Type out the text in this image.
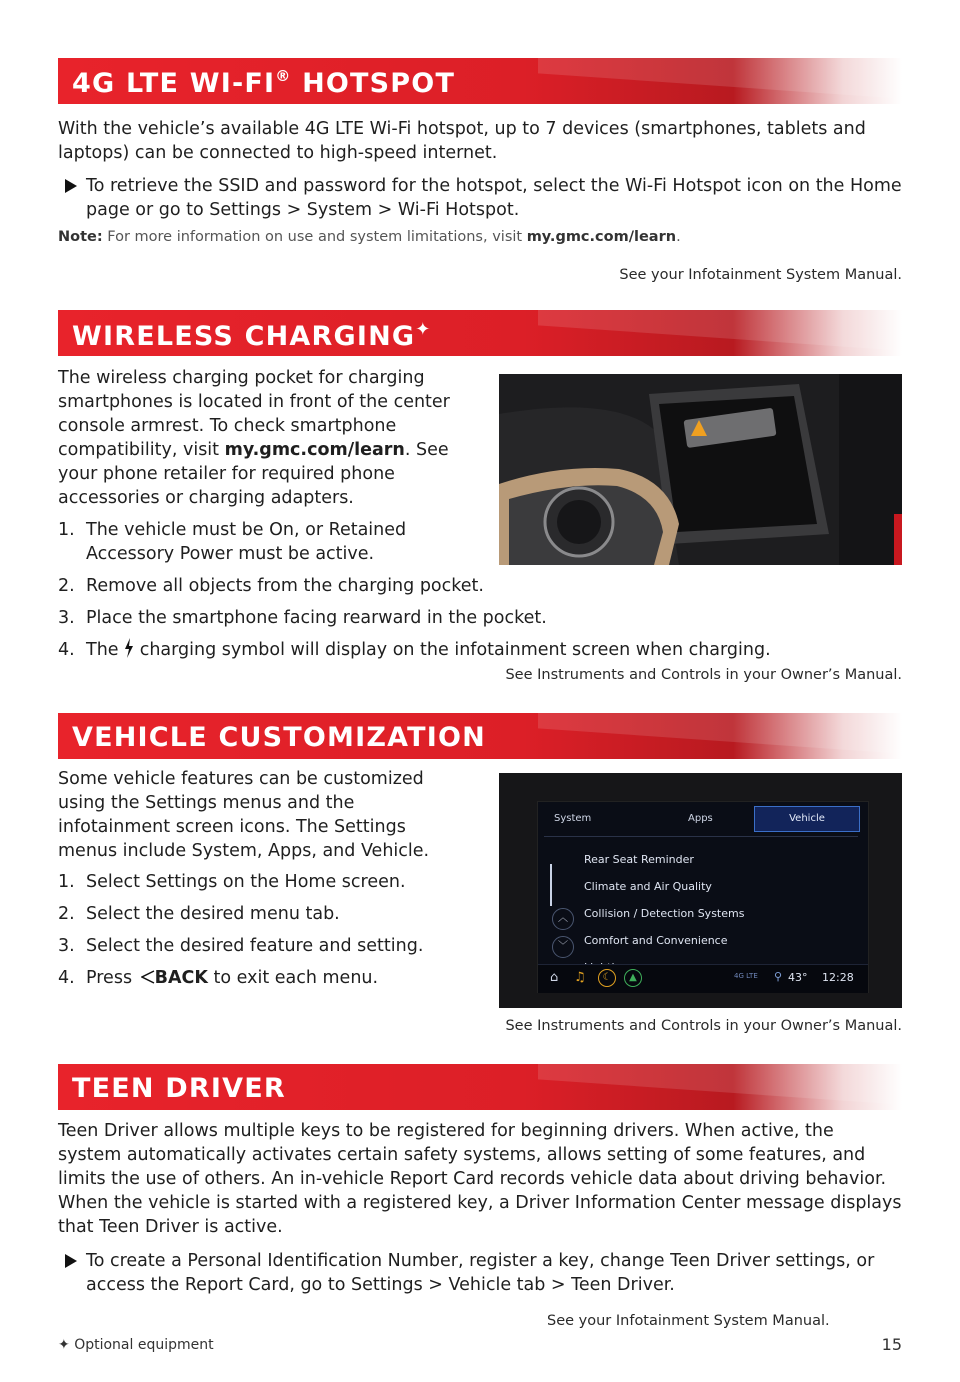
4G LTE WI-FI® HOTSPOT

With the vehicle’s available 4G LTE Wi-Fi hotspot, up to 7 devices (smartphones, tablets and laptops) can be connected to high-speed internet.

To retrieve the SSID and password for the hotspot, select the Wi-Fi Hotspot icon on the Home page or go to Settings > System > Wi-Fi Hotspot.
Note: For more information on use and system limitations, visit my.gmc.com/learn.
See your Infotainment System Manual.
WIRELESS CHARGING✦

The wireless charging pocket for charging smartphones is located in front of the center console armrest. To check smartphone compatibility, visit my.gmc.com/learn. See your phone retailer for required phone accessories or charging adapters.

1. The vehicle must be On, or Retained Accessory Power must be active.
2. Remove all objects from the charging pocket.
3. Place the smartphone facing rearward in the pocket.
4. The charging symbol will display on the infotainment screen when charging.
See Instruments and Controls in your Owner’s Manual.
VEHICLE CUSTOMIZATION

Some vehicle features can be customized using the Settings menus and the infotainment screen icons. The Settings menus include System, Apps, and Vehicle.

System	Apps	Vehicle
Rear Seat Reminder
Climate and Air Quality
Collision / Detection Systems
Comfort and Convenience
︿
﹀
⌂ ♫	☾	▲	4G LTE ⚲ 43° 12:28
1. Select Settings on the Home screen.
2. Select the desired menu tab.
3. Select the desired feature and setting.
4. Press BACK to exit each menu.
See Instruments and Controls in your Owner’s Manual.
TEEN DRIVER

Teen Driver allows multiple keys to be registered for beginning drivers. When active, the system automatically activates certain safety systems, allows setting of some features, and limits the use of others. An in-vehicle Report Card records vehicle data about driving behavior. When the vehicle is started with a registered key, a Driver Information Center message displays that Teen Driver is active.

To create a Personal Identification Number, register a key, change Teen Driver settings, or access the Report Card, go to Settings > Vehicle tab > Teen Driver.
See your Infotainment System Manual.
✦ Optional equipment	15
